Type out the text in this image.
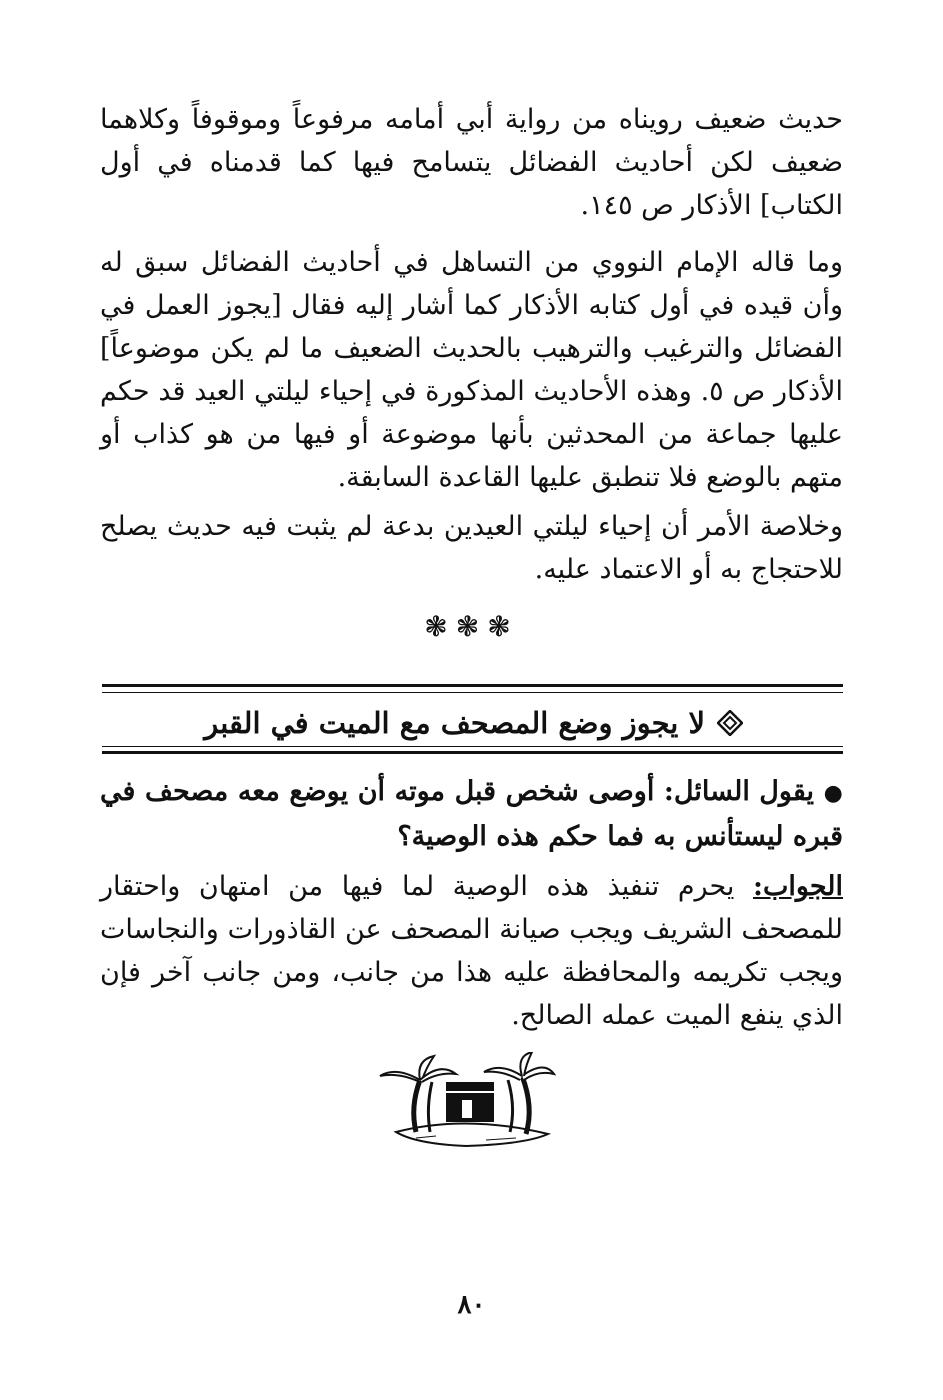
حديث ضعيف رويناه من رواية أبي أمامه مرفوعاً وموقوفاً وكلاهما ضعيف لكن أحاديث الفضائل يتسامح فيها كما قدمناه في أول الكتاب] الأذكار ص ١٤٥.

وما قاله الإمام النووي من التساهل في أحاديث الفضائل سبق له وأن قيده في أول كتابه الأذكار كما أشار إليه فقال [يجوز العمل في الفضائل والترغيب والترهيب بالحديث الضعيف ما لم يكن موضوعاً] الأذكار ص ٥. وهذه الأحاديث المذكورة في إحياء ليلتي العيد قد حكم عليها جماعة من المحدثين بأنها موضوعة أو فيها من هو كذاب أو متهم بالوضع فلا تنطبق عليها القاعدة السابقة.

وخلاصة الأمر أن إحياء ليلتي العيدين بدعة لم يثبت فيه حديث يصلح للاحتجاج به أو الاعتماد عليه.

❃❃❃
لا يجوز وضع المصحف مع الميت في القبر

● يقول السائل: أوصى شخص قبل موته أن يوضع معه مصحف في قبره ليستأنس به فما حكم هذه الوصية؟

الجواب: يحرم تنفيذ هذه الوصية لما فيها من امتهان واحتقار للمصحف الشريف ويجب صيانة المصحف عن القاذورات والنجاسات ويجب تكريمه والمحافظة عليه هذا من جانب، ومن جانب آخر فإن الذي ينفع الميت عمله الصالح.

٨٠
